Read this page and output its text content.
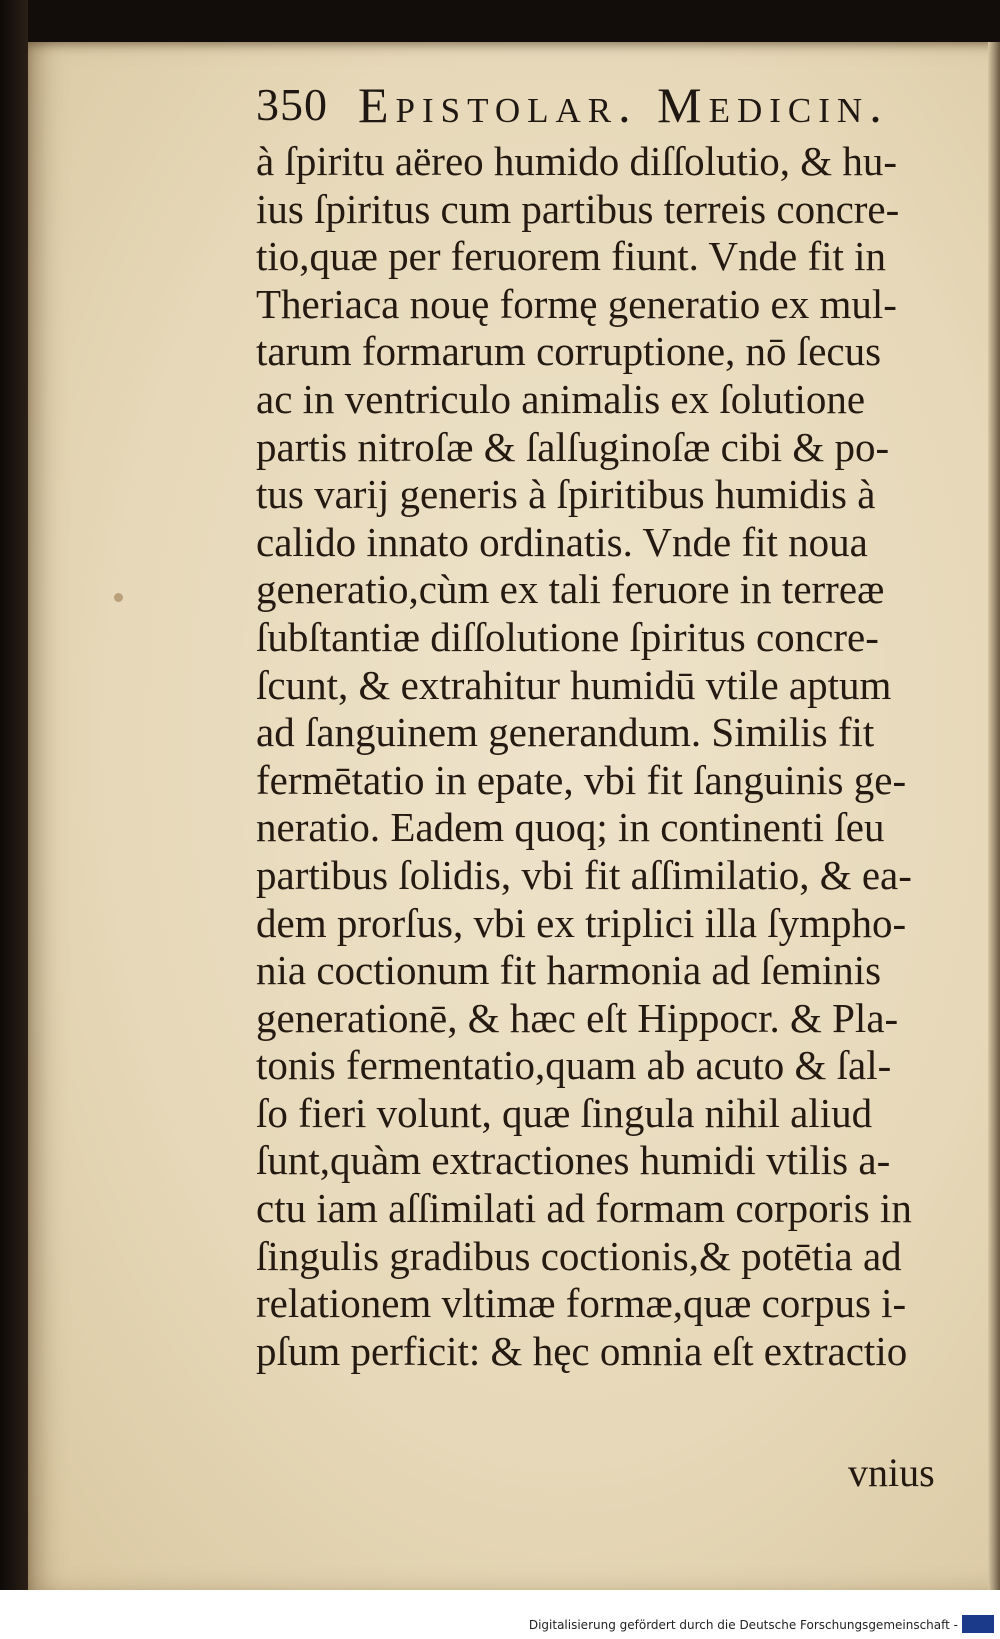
350 Epistolar. Medicin.
à ſpiritu aëreo humido diſſolutio, & hu-
ius ſpiritus cum partibus terreis concre-
tio,quæ per feruorem fiunt. Vnde fit in
Theriaca nouę formę generatio ex mul-
tarum formarum corruptione, nō ſecus
ac in ventriculo animalis ex ſolutione
partis nitroſæ & ſalſuginoſæ cibi & po-
tus varij generis à ſpiritibus humidis à
calido innato ordinatis. Vnde fit noua
generatio,cùm ex tali feruore in terreæ
ſubſtantiæ diſſolutione ſpiritus concre-
ſcunt, & extrahitur humidū vtile aptum
ad ſanguinem generandum. Similis fit
fermētatio in epate, vbi fit ſanguinis ge-
neratio. Eadem quoq; in continenti ſeu
partibus ſolidis, vbi fit aſſimilatio, & ea-
dem prorſus, vbi ex triplici illa ſympho-
nia coctionum fit harmonia ad ſeminis
generationē, & hæc eſt Hippocr. & Pla-
tonis fermentatio,quam ab acuto & ſal-
ſo fieri volunt, quæ ſingula nihil aliud
ſunt,quàm extractiones humidi vtilis a-
ctu iam aſſimilati ad formam corporis in
ſingulis gradibus coctionis,& potētia ad
relationem vltimæ formæ,quæ corpus i-
pſum perficit: & hęc omnia eſt extractio
vnius
Digitalisierung gefördert durch die Deutsche Forschungsgemeinschaft -
